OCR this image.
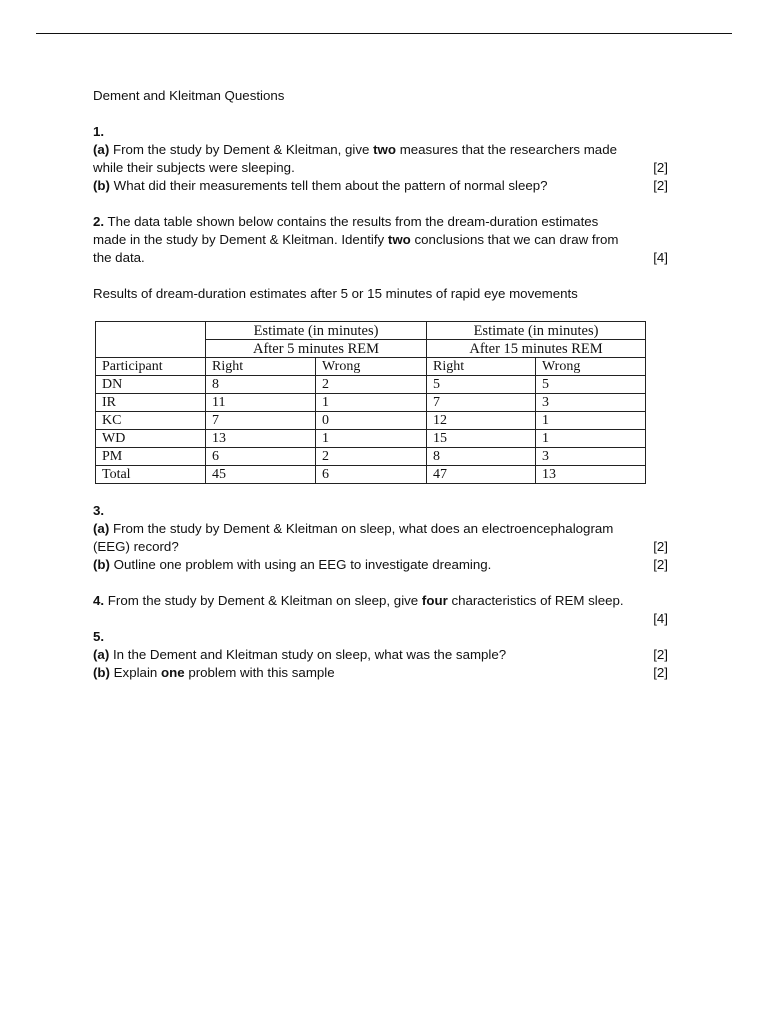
Dement and Kleitman Questions

1.
(a) From the study by Dement & Kleitman, give two measures that the researchers made
while their subjects were sleeping.	[2]
(b) What did their measurements tell them about the pattern of normal sleep?	[2]
2. The data table shown below contains the results from the dream-duration estimates
made in the study by Dement & Kleitman. Identify two conclusions that we can draw from
the data.	[4]

Results of dream-duration estimates after 5 or 15 minutes of rapid eye movements

	Estimate (in minutes)		Estimate (in minutes)	
	After 5 minutes REM		After 15 minutes REM	
Participant	Right	Wrong	Right	Wrong
DN	8	2	5	5
IR	11	1	7	3
KC	7	0	12	1
WD	13	1	15	1
PM	6	2	8	3
Total	45	6	47	13
3.
(a) From the study by Dement & Kleitman on sleep, what does an electroencephalogram
(EEG) record?	[2]
(b) Outline one problem with using an EEG to investigate dreaming.	[2]
4. From the study by Dement & Kleitman on sleep, give four characteristics of REM sleep.
[4]
5.
(a) In the Dement and Kleitman study on sleep, what was the sample?	[2]
(b) Explain one problem with this sample	[2]
